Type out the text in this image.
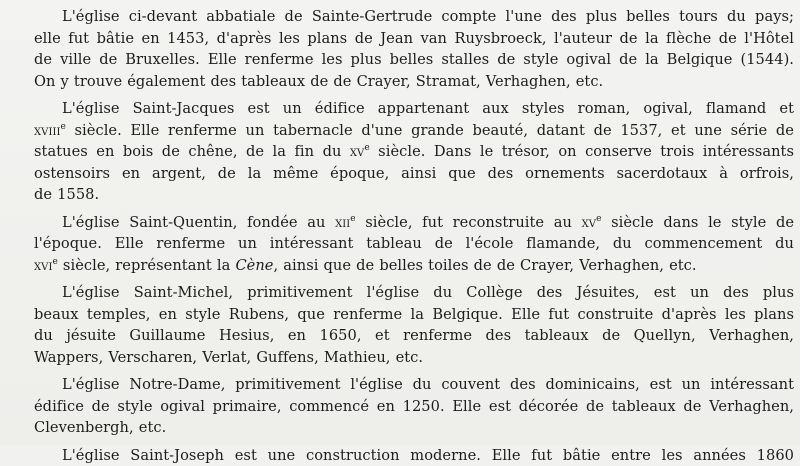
L'église ci-devant abbatiale de Sainte-Gertrude compte l'une des plus belles tours du pays;
elle fut bâtie en 1453, d'après les plans de Jean van Ruysbroeck, l'auteur de la flèche de l'Hôtel
de ville de Bruxelles. Elle renferme les plus belles stalles de style ogival de la Belgique (1544).
On y trouve également des tableaux de de Crayer, Stramat, Verhaghen, etc.

L'église Saint-Jacques est un édifice appartenant aux styles roman, ogival, flamand et
xviii$^e$ siècle. Elle renferme un tabernacle d'une grande beauté, datant de 1537, et une série de
statues en bois de chêne, de la fin du $xv^e$ siècle. Dans le trésor, on conserve trois intéressants
ostensoirs en argent, de la même époque, ainsi que des ornements sacerdotaux à orfrois,
de 1558.

L'église Saint-Quentin, fondée au xii$^e$ siècle, fut reconstruite au $xv^e$ siècle dans le style de
l'époque. Elle renferme un intéressant tableau de l'école flamande, du commencement du
xvi$^e$ siècle, représentant la Cène, ainsi que de belles toiles de de Crayer, Verhaghen, etc.

L'église Saint-Michel, primitivement l'église du Collège des Jésuites, est un des plus
beaux temples, en style Rubens, que renferme la Belgique. Elle fut construite d'après les plans
du jésuite Guillaume Hesius, en 1650, et renferme des tableaux de Quellyn, Verhaghen,
Wappers, Verscharen, Verlat, Guffens, Mathieu, etc.

L'église Notre-Dame, primitivement l'église du couvent des dominicains, est un intéressant
édifice de style ogival primaire, commencé en 1250. Elle est décorée de tableaux de Verhaghen,
Clevenbergh, etc.

L'église Saint-Joseph est une construction moderne. Elle fut bâtie entre les années 1860
